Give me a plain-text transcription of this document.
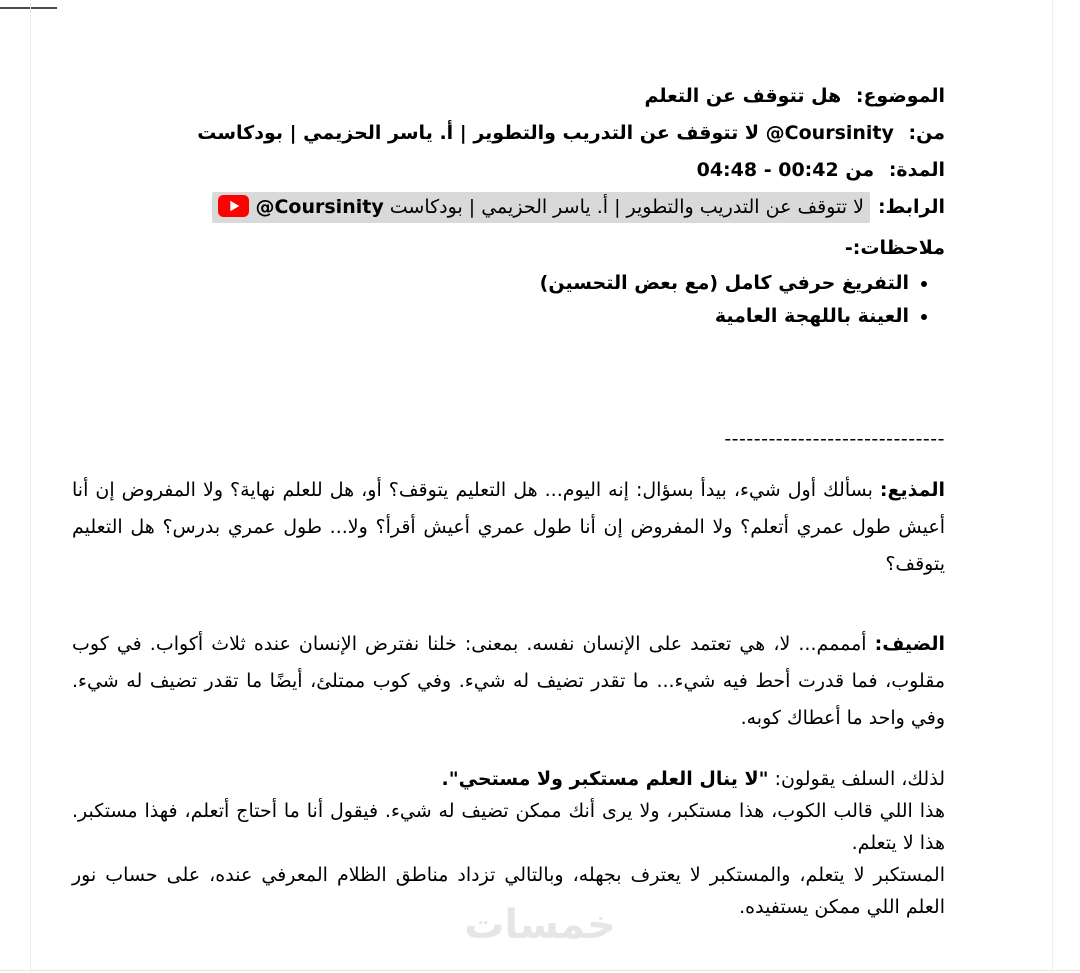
الموضوع: هل تتوقف عن التعلم

من: @Coursinity لا تتوقف عن التدريب والتطوير | أ. ياسر الحزيمي | بودكاست

المدة: من 00:42 - 04:48

الرابط:لا تتوقف عن التدريب والتطوير | أ. ياسر الحزيمي | بودكاست @Coursinity

ملاحظات:-

• التفريغ حرفي كامل (مع بعض التحسين)
• العينة باللهجة العامية

------------------------------

المذيع: بسألك أول شيء، بيدأ بسؤال: إنه اليوم... هل التعليم يتوقف؟ أو، هل للعلم نهاية؟ ولا المفروض إن أنا أعيش طول عمري أتعلم؟ ولا المفروض إن أنا طول عمري أعيش أقرأ؟ ولا... طول عمري بدرس؟ هل التعليم يتوقف؟

الضيف: أمممم... لا، هي تعتمد على الإنسان نفسه. بمعنى: خلنا نفترض الإنسان عنده ثلاث أكواب. في كوب مقلوب، فما قدرت أحط فيه شيء... ما تقدر تضيف له شيء. وفي كوب ممتلئ، أيضًا ما تقدر تضيف له شيء. وفي واحد ما أعطاك كوبه.

لذلك، السلف يقولون: "لا ينال العلم مستكبر ولا مستحي".

هذا اللي قالب الكوب، هذا مستكبر، ولا يرى أنك ممكن تضيف له شيء. فيقول أنا ما أحتاج أتعلم، فهذا مستكبر. هذا لا يتعلم.

المستكبر لا يتعلم، والمستكبر لا يعترف بجهله، وبالتالي تزداد مناطق الظلام المعرفي عنده، على حساب نور العلم اللي ممكن يستفيده.

خمسات
